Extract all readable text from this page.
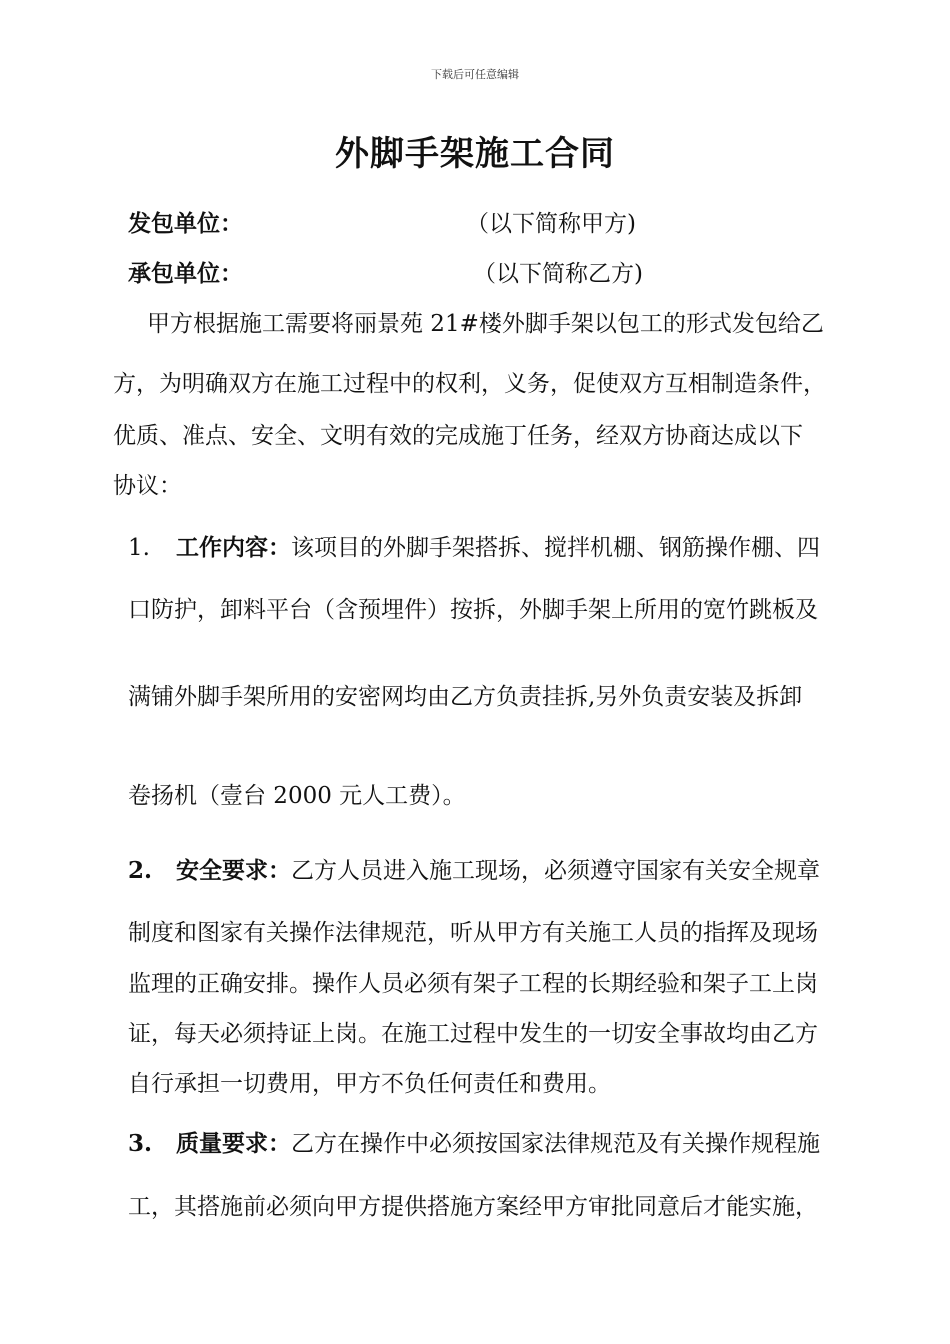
下载后可任意编辑
外脚手架施工合同
发包单位：	（以下简称甲方)
承包单位：	（以下简称乙方)
甲方根据施工需要将丽景苑 21#楼外脚手架以包工的形式发包给乙
方，为明确双方在施工过程中的权利，义务，促使双方互相制造条件，
优质、准点、安全、文明有效的完成施丁任务，经双方协商达成以下
协议：
1. 工作内容：该项目的外脚手架搭拆、搅拌机棚、钢筋操作棚、四
口防护，卸料平台（含预埋件）按拆，外脚手架上所用的宽竹跳板及
满铺外脚手架所用的安密网均由乙方负责挂拆,另外负责安装及拆卸
卷扬机（壹台 2000 元人工费）。
2. 安全要求：乙方人员进入施工现场，必须遵守国家有关安全规章
制度和图家有关操作法律规范，听从甲方有关施工人员的指挥及现场
监理的正确安排。操作人员必须有架子工程的长期经验和架子工上岗
证，每天必须持证上岗。在施工过程中发生的一切安全事故均由乙方
自行承担一切费用，甲方不负任何责任和费用。
3. 质量要求：乙方在操作中必须按国家法律规范及有关操作规程施
工，其搭施前必须向甲方提供搭施方案经甲方审批同意后才能实施，
